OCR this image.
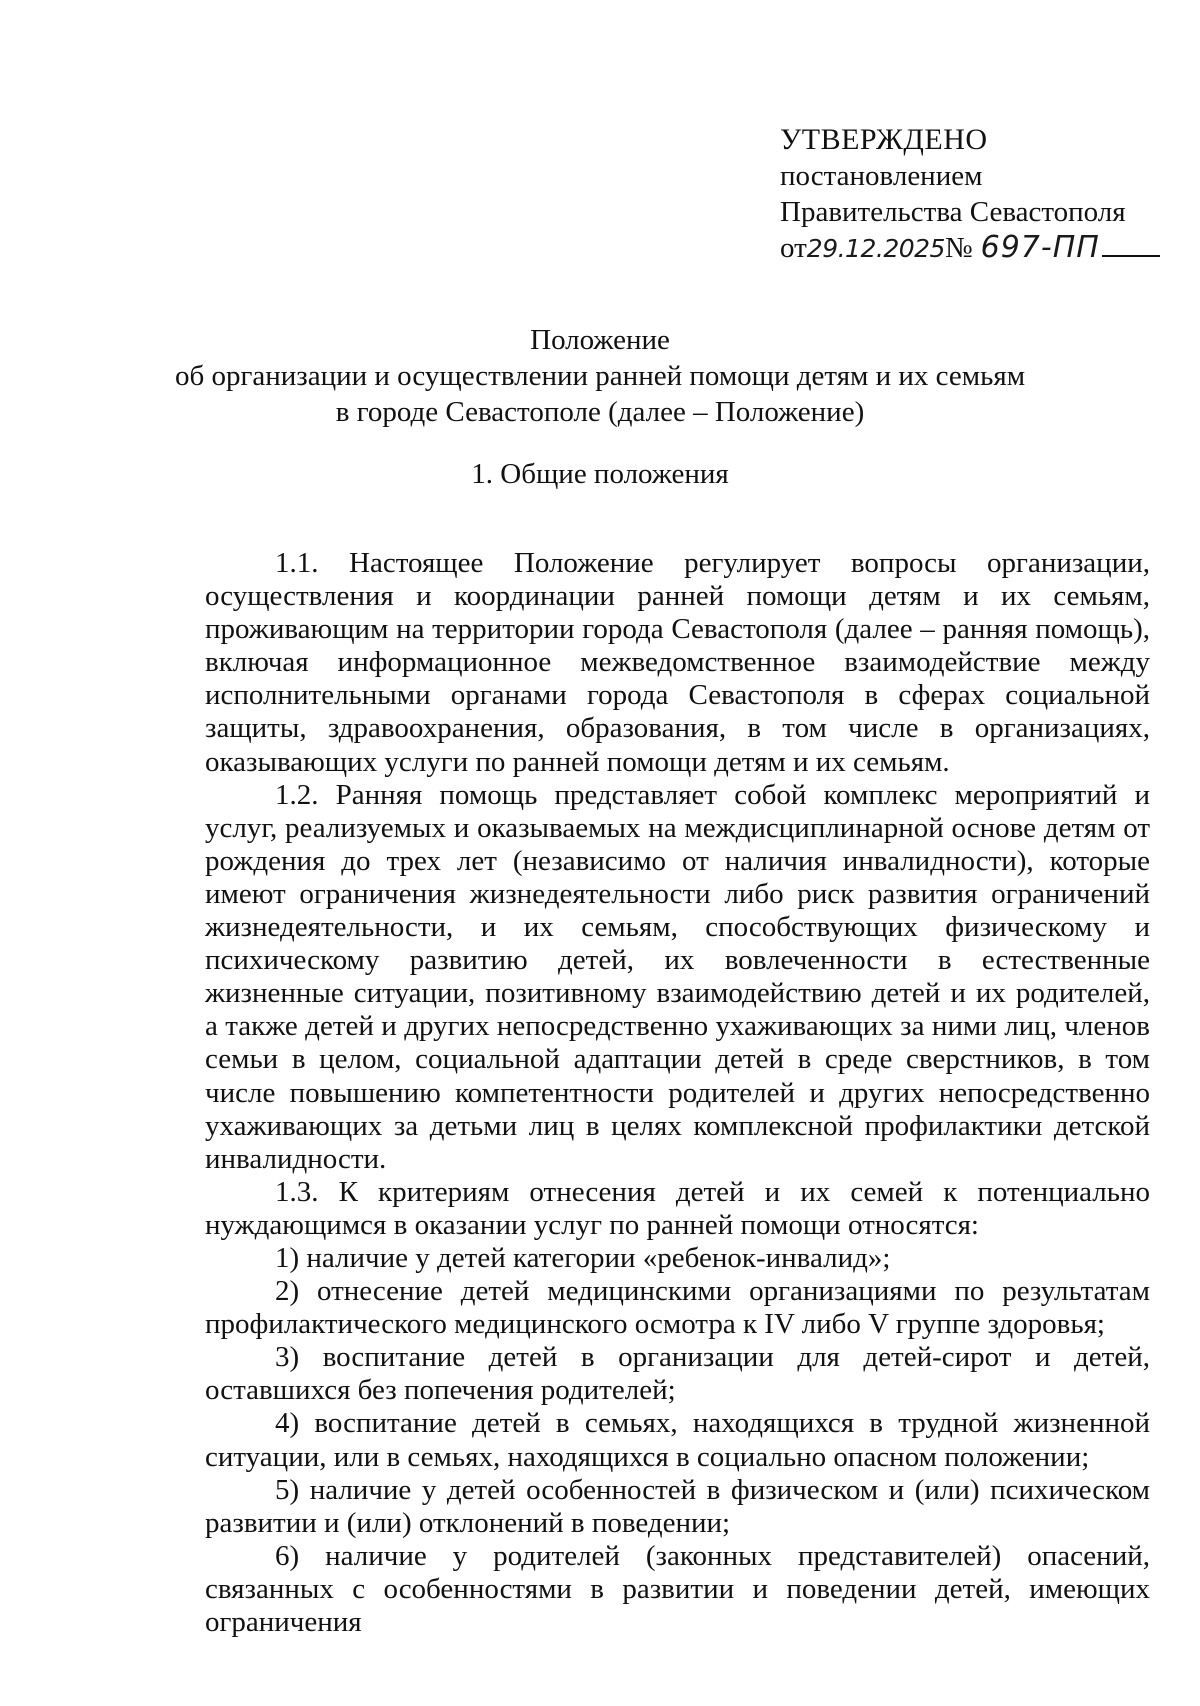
УТВЕРЖДЕНО
постановлением
Правительства Севастополя
от 29.12.2025 № 697-ПП
Положение
об организации и осуществлении ранней помощи детям и их семьям
в городе Севастополе (далее – Положение)
1. Общие положения

1.1. Настоящее Положение регулирует вопросы организации, осуществления и координации ранней помощи детям и их семьям, проживающим на территории города Севастополя (далее – ранняя помощь), включая информационное межведомственное взаимодействие между исполнительными органами города Севастополя в сферах социальной защиты, здравоохранения, образования, в том числе в организациях, оказывающих услуги по ранней помощи детям и их семьям.

1.2. Ранняя помощь представляет собой комплекс мероприятий и услуг, реализуемых и оказываемых на междисциплинарной основе детям от рождения до трех лет (независимо от наличия инвалидности), которые имеют ограничения жизнедеятельности либо риск развития ограничений жизнедеятельности, и их семьям, способствующих физическому и психическому развитию детей, их вовлеченности в естественные жизненные ситуации, позитивному взаимодействию детей и их родителей, а также детей и других непосредственно ухаживающих за ними лиц, членов семьи в целом, социальной адаптации детей в среде сверстников, в том числе повышению компетентности родителей и других непосредственно ухаживающих за детьми лиц в целях комплексной профилактики детской инвалидности.

1.3. К критериям отнесения детей и их семей к потенциально нуждающимся в оказании услуг по ранней помощи относятся:

1) наличие у детей категории «ребенок-инвалид»;

2) отнесение детей медицинскими организациями по результатам профилактического медицинского осмотра к IV либо V группе здоровья;

3) воспитание детей в организации для детей-сирот и детей, оставшихся без попечения родителей;

4) воспитание детей в семьях, находящихся в трудной жизненной ситуации, или в семьях, находящихся в социально опасном положении;

5) наличие у детей особенностей в физическом и (или) психическом развитии и (или) отклонений в поведении;

6) наличие у родителей (законных представителей) опасений, связанных с особенностями в развитии и поведении детей, имеющих ограничения
